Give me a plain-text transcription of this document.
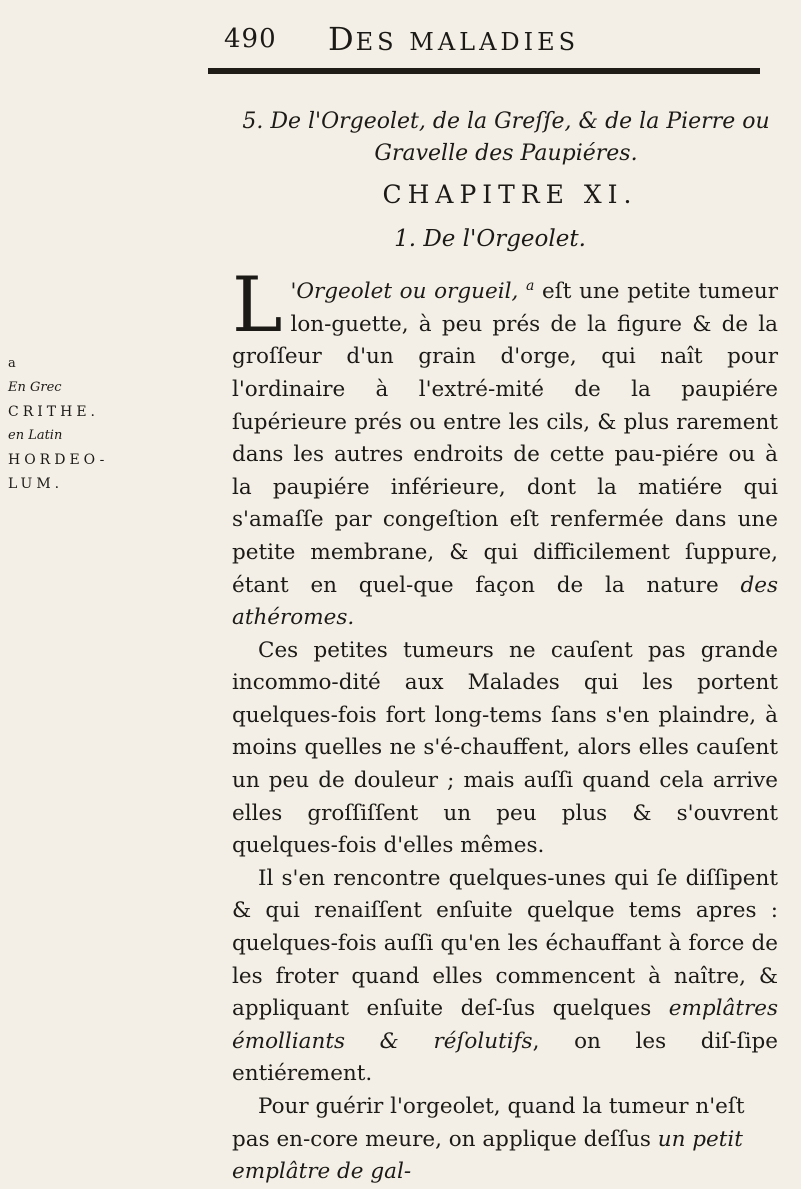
490 DES MALADIES
a
En Grec
CRITHE.
en Latin
HORDEO-
LUM.
5. De l'Orgeolet, de la Greſſe, & de la Pierre ou Gravelle des Paupiéres.
CHAPITRE XI.
1. De l'Orgeolet.

L 'Orgeolet ou orgueil, $^a$ eſt une petite tumeur lon-guette, à peu prés de la figure & de la groſſeur d'un grain d'orge, qui naît pour l'ordinaire à l'extré-mité de la paupiére ſupérieure prés ou entre les cils, & plus rarement dans les autres endroits de cette pau-piére ou à la paupiére inférieure, dont la matiére qui s'amaſſe par congeſtion eſt renfermée dans une petite membrane, & qui difficilement ſuppure, étant en quel-que façon de la nature des athéromes.

Ces petites tumeurs ne cauſent pas grande incommo-dité aux Malades qui les portent quelques-fois fort long-tems ſans s'en plaindre, à moins quelles ne s'é-chauffent, alors elles cauſent un peu de douleur ; mais auſſi quand cela arrive elles groſſiſſent un peu plus & s'ouvrent quelques-fois d'elles mêmes.

Il s'en rencontre quelques-unes qui ſe diſſipent & qui renaiſſent enſuite quelque tems apres : quelques-fois auſſi qu'en les échauffant à force de les froter quand elles commencent à naître, & appliquant enſuite deſ-ſus quelques emplâtres émolliants & réſolutifs, on les diſ-ſipe entiérement.

Pour guérir l'orgeolet, quand la tumeur n'eſt pas en-core meure, on applique deſſus un petit emplâtre de gal-
